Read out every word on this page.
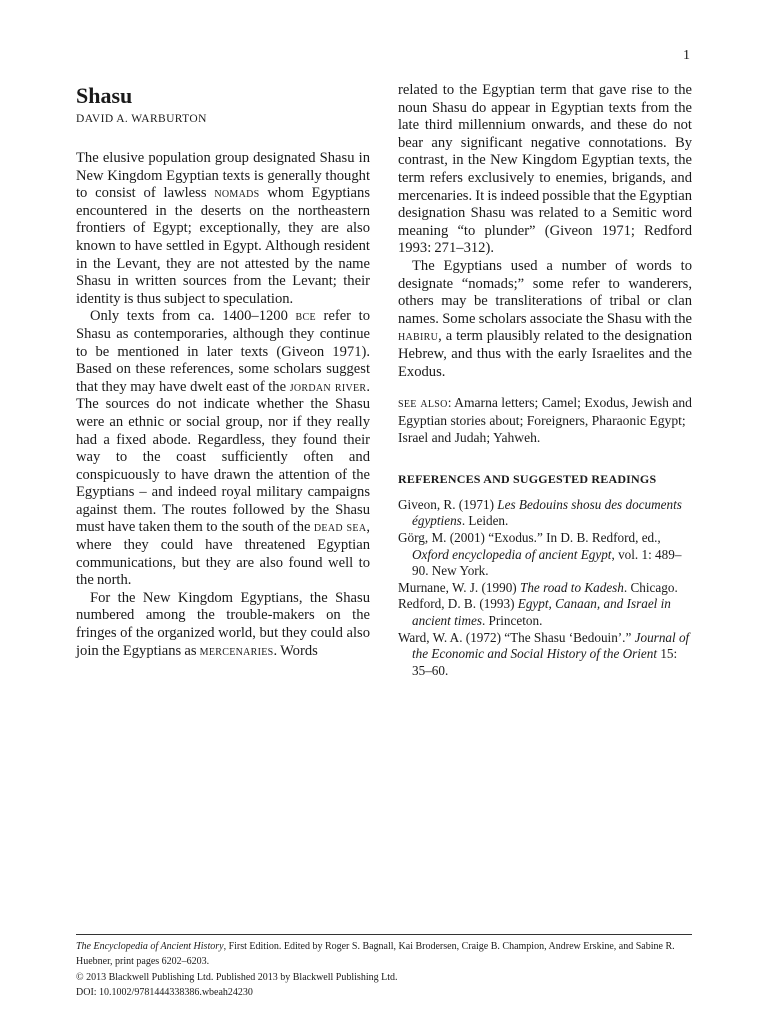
1
Shasu

DAVID A. WARBURTON

The elusive population group designated Shasu in New Kingdom Egyptian texts is generally thought to consist of lawless nomads whom Egyptians encountered in the deserts on the northeastern frontiers of Egypt; exceptionally, they are also known to have settled in Egypt. Although resident in the Levant, they are not attested by the name Shasu in written sources from the Levant; their identity is thus subject to speculation.

Only texts from ca. 1400–1200 bce refer to Shasu as contemporaries, although they continue to be mentioned in later texts (Giveon 1971). Based on these references, some scholars suggest that they may have dwelt east of the jordan river. The sources do not indicate whether the Shasu were an ethnic or social group, nor if they really had a fixed abode. Regardless, they found their way to the coast sufficiently often and conspicuously to have drawn the attention of the Egyptians – and indeed royal military campaigns against them. The routes followed by the Shasu must have taken them to the south of the dead sea, where they could have threatened Egyptian communications, but they are also found well to the north.

For the New Kingdom Egyptians, the Shasu numbered among the trouble-makers on the fringes of the organized world, but they could also join the Egyptians as mercenaries. Words

related to the Egyptian term that gave rise to the noun Shasu do appear in Egyptian texts from the late third millennium onwards, and these do not bear any significant negative connotations. By contrast, in the New Kingdom Egyptian texts, the term refers exclusively to enemies, brigands, and mercenaries. It is indeed possible that the Egyptian designation Shasu was related to a Semitic word meaning “to plunder” (Giveon 1971; Redford 1993: 271–312).

The Egyptians used a number of words to designate “nomads;” some refer to wanderers, others may be transliterations of tribal or clan names. Some scholars associate the Shasu with the habiru, a term plausibly related to the designation Hebrew, and thus with the early Israelites and the Exodus.

see also: Amarna letters; Camel; Exodus, Jewish and Egyptian stories about; Foreigners, Pharaonic Egypt; Israel and Judah; Yahweh.

REFERENCES AND SUGGESTED READINGS
Giveon, R. (1971) Les Bedouins shosu des documents égyptiens. Leiden.
Görg, M. (2001) “Exodus.” In D. B. Redford, ed., Oxford encyclopedia of ancient Egypt, vol. 1: 489–90. New York.
Murnane, W. J. (1990) The road to Kadesh. Chicago.
Redford, D. B. (1993) Egypt, Canaan, and Israel in ancient times. Princeton.
Ward, W. A. (1972) “The Shasu ‘Bedouin’.” Journal of the Economic and Social History of the Orient 15: 35–60.

The Encyclopedia of Ancient History, First Edition. Edited by Roger S. Bagnall, Kai Brodersen, Craige B. Champion, Andrew Erskine, and Sabine R. Huebner, print pages 6202–6203.

© 2013 Blackwell Publishing Ltd. Published 2013 by Blackwell Publishing Ltd.

DOI: 10.1002/9781444338386.wbeah24230
